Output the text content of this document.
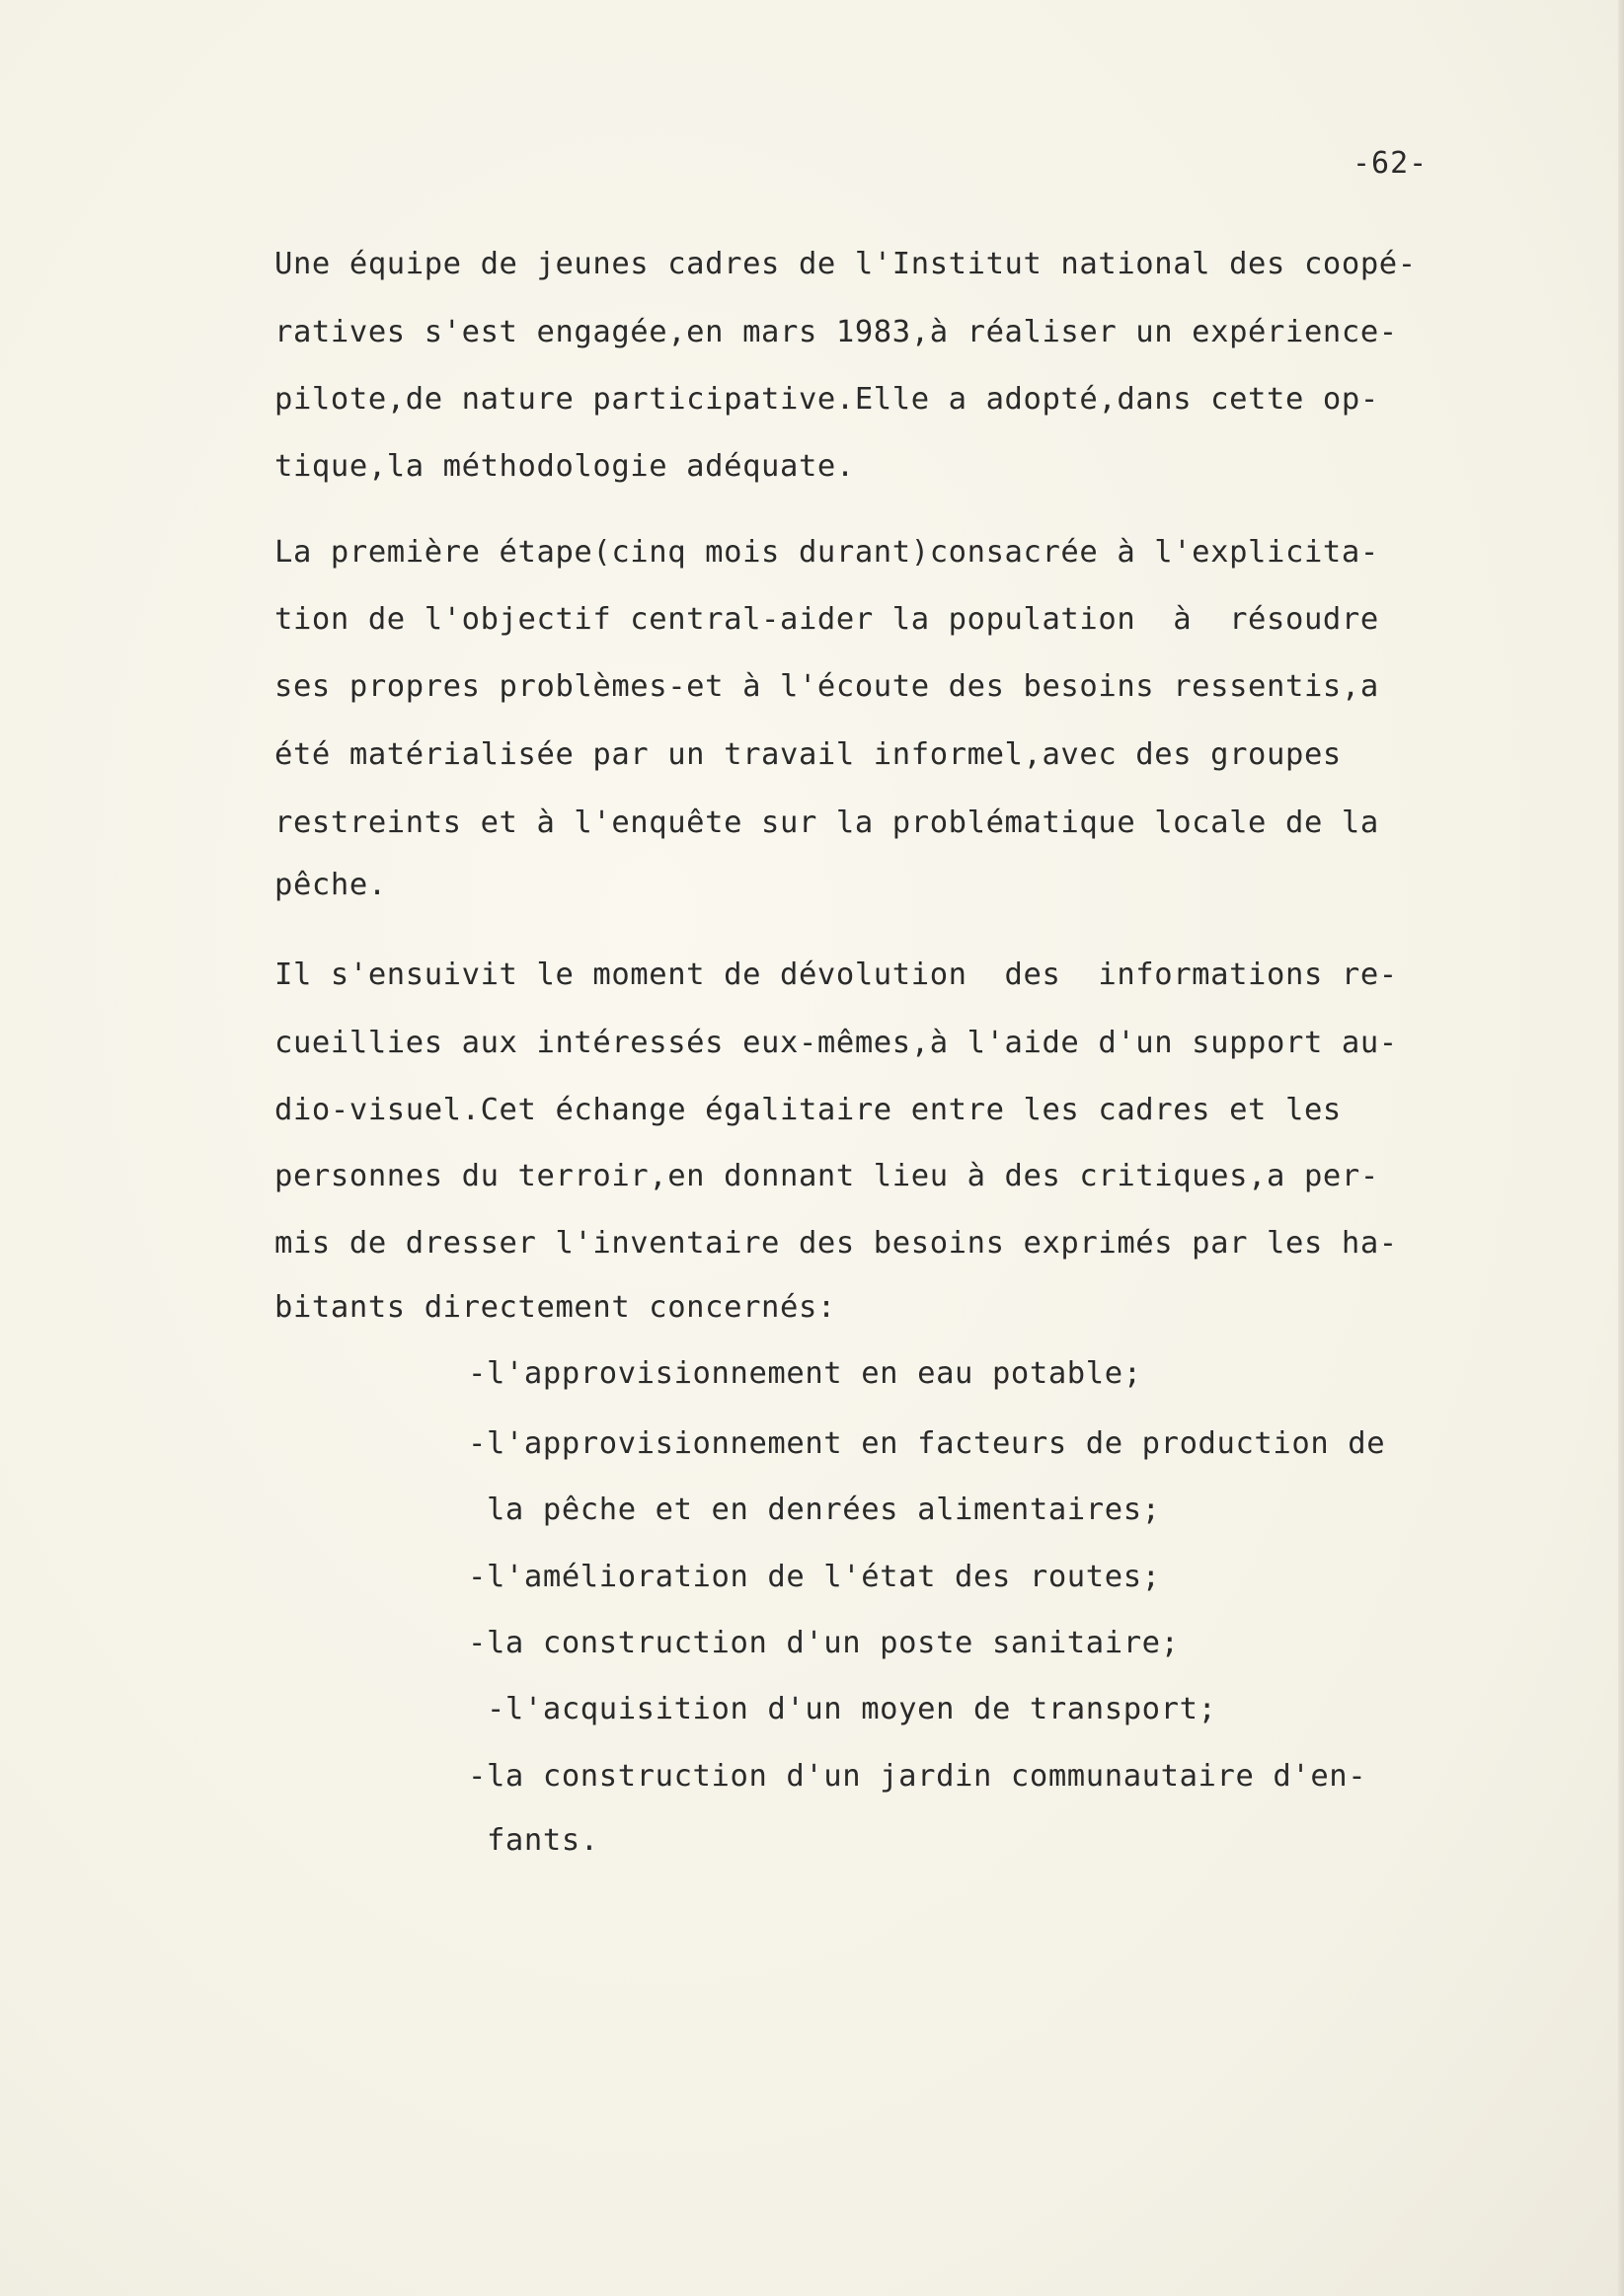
-62-
Une équipe de jeunes cadres de l'Institut national des coopé-
ratives s'est engagée,en mars 1983,à réaliser un expérience-
pilote,de nature participative.Elle a adopté,dans cette op-
tique,la méthodologie adéquate.
La première étape(cinq mois durant)consacrée à l'explicita-
tion de l'objectif central-aider la population  à  résoudre
ses propres problèmes-et à l'écoute des besoins ressentis,a
été matérialisée par un travail informel,avec des groupes
restreints et à l'enquête sur la problématique locale de la
pêche.
Il s'ensuivit le moment de dévolution  des  informations re-
cueillies aux intéressés eux-mêmes,à l'aide d'un support au-
dio-visuel.Cet échange égalitaire entre les cadres et les
personnes du terroir,en donnant lieu à des critiques,a per-
mis de dresser l'inventaire des besoins exprimés par les ha-
bitants directement concernés:
-l'approvisionnement en eau potable;
-l'approvisionnement en facteurs de production de
la pêche et en denrées alimentaires;
-l'amélioration de l'état des routes;
-la construction d'un poste sanitaire;
-l'acquisition d'un moyen de transport;
-la construction d'un jardin communautaire d'en-
fants.
